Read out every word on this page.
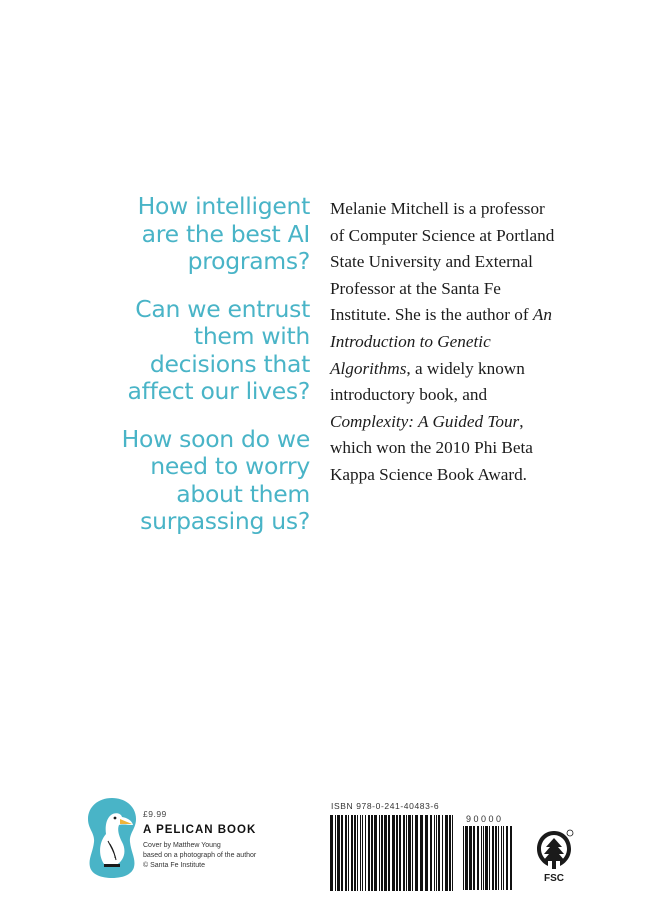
How intelligent
are the best AI
programs?

Can we entrust
them with
decisions that
affect our lives?

How soon do we
need to worry
about them
surpassing us?

Melanie Mitchell is a professor of Computer Science at Portland State University and External Professor at the Santa Fe Institute. She is the author of An Introduction to Genetic Algorithms, a widely known introductory book, and Complexity: A Guided Tour, which won the 2010 Phi Beta Kappa Science Book Award.
£9.99
A PELICAN BOOK
Cover by Matthew Young
based on a photograph of the author
© Santa Fe Institute
ISBN 978-0-241-40483-6
90000
FSC
